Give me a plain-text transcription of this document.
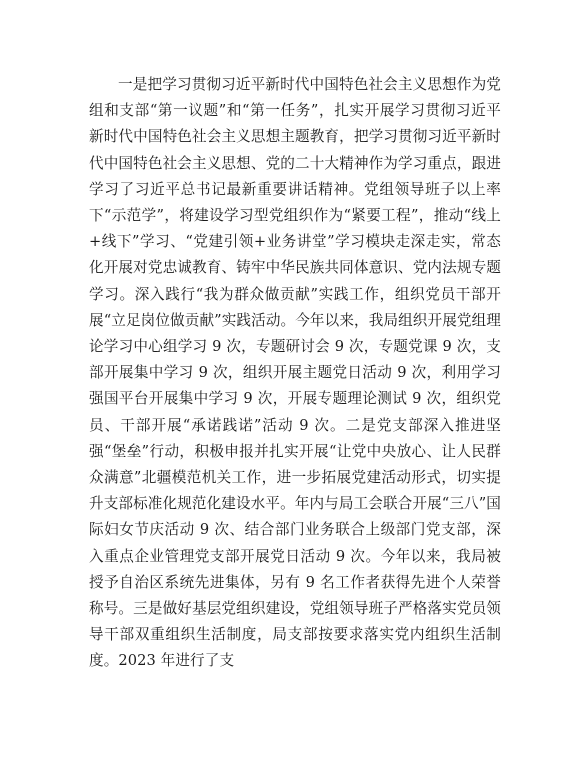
一是把学习贯彻习近平新时代中国特色社会主义思想作为党组和支部“第一议题”和“第一任务”，扎实开展学习贯彻习近平新时代中国特色社会主义思想主题教育，把学习贯彻习近平新时代中国特色社会主义思想、党的二十大精神作为学习重点，跟进学习了习近平总书记最新重要讲话精神。党组领导班子以上率下“示范学”，将建设学习型党组织作为“紧要工程”，推动“线上+线下”学习、“党建引领+业务讲堂”学习模块走深走实，常态化开展对党忠诚教育、铸牢中华民族共同体意识、党内法规专题学习。深入践行“我为群众做贡献”实践工作，组织党员干部开展“立足岗位做贡献”实践活动。今年以来，我局组织开展党组理论学习中心组学习 9 次，专题研讨会 9 次，专题党课 9 次，支部开展集中学习 9 次，组织开展主题党日活动 9 次，利用学习强国平台开展集中学习 9 次，开展专题理论测试 9 次，组织党员、干部开展“承诺践诺”活动 9 次。二是党支部深入推进坚强“堡垒”行动，积极申报并扎实开展“让党中央放心、让人民群众满意”北疆模范机关工作，进一步拓展党建活动形式，切实提升支部标准化规范化建设水平。年内与局工会联合开展“三八”国际妇女节庆活动 9 次、结合部门业务联合上级部门党支部，深入重点企业管理党支部开展党日活动 9 次。今年以来，我局被授予自治区系统先进集体，另有 9 名工作者获得先进个人荣誉称号。三是做好基层党组织建设，党组领导班子严格落实党员领导干部双重组织生活制度，局支部按要求落实党内组织生活制度。2023 年进行了支
